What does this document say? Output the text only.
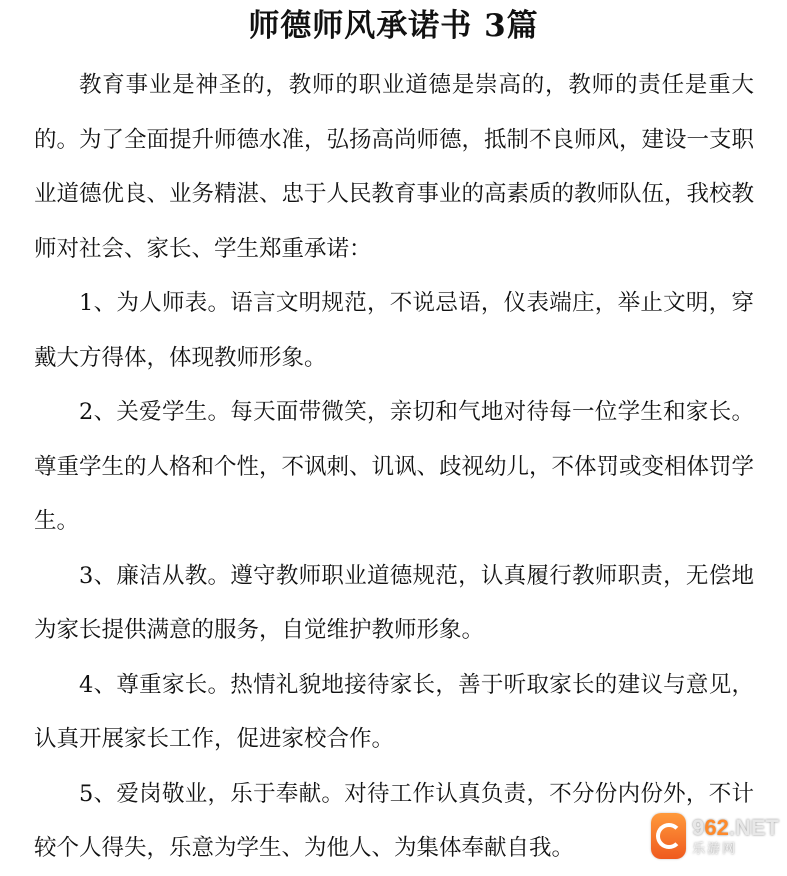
师德师风承诺书 3篇

教育事业是神圣的，教师的职业道德是崇高的，教师的责任是重大的。为了全面提升师德水准，弘扬高尚师德，抵制不良师风，建设一支职业道德优良、业务精湛、忠于人民教育事业的高素质的教师队伍，我校教师对社会、家长、学生郑重承诺：

1、为人师表。语言文明规范，不说忌语，仪表端庄，举止文明，穿戴大方得体，体现教师形象。

2、关爱学生。每天面带微笑，亲切和气地对待每一位学生和家长。尊重学生的人格和个性，不讽刺、讥讽、歧视幼儿，不体罚或变相体罚学生。

3、廉洁从教。遵守教师职业道德规范，认真履行教师职责，无偿地为家长提供满意的服务，自觉维护教师形象。

4、尊重家长。热情礼貌地接待家长，善于听取家长的建议与意见，认真开展家长工作，促进家校合作。

5、爱岗敬业，乐于奉献。对待工作认真负责，不分份内份外，不计较个人得失，乐意为学生、为他人、为集体奉献自我。

962.NET
乐游网
